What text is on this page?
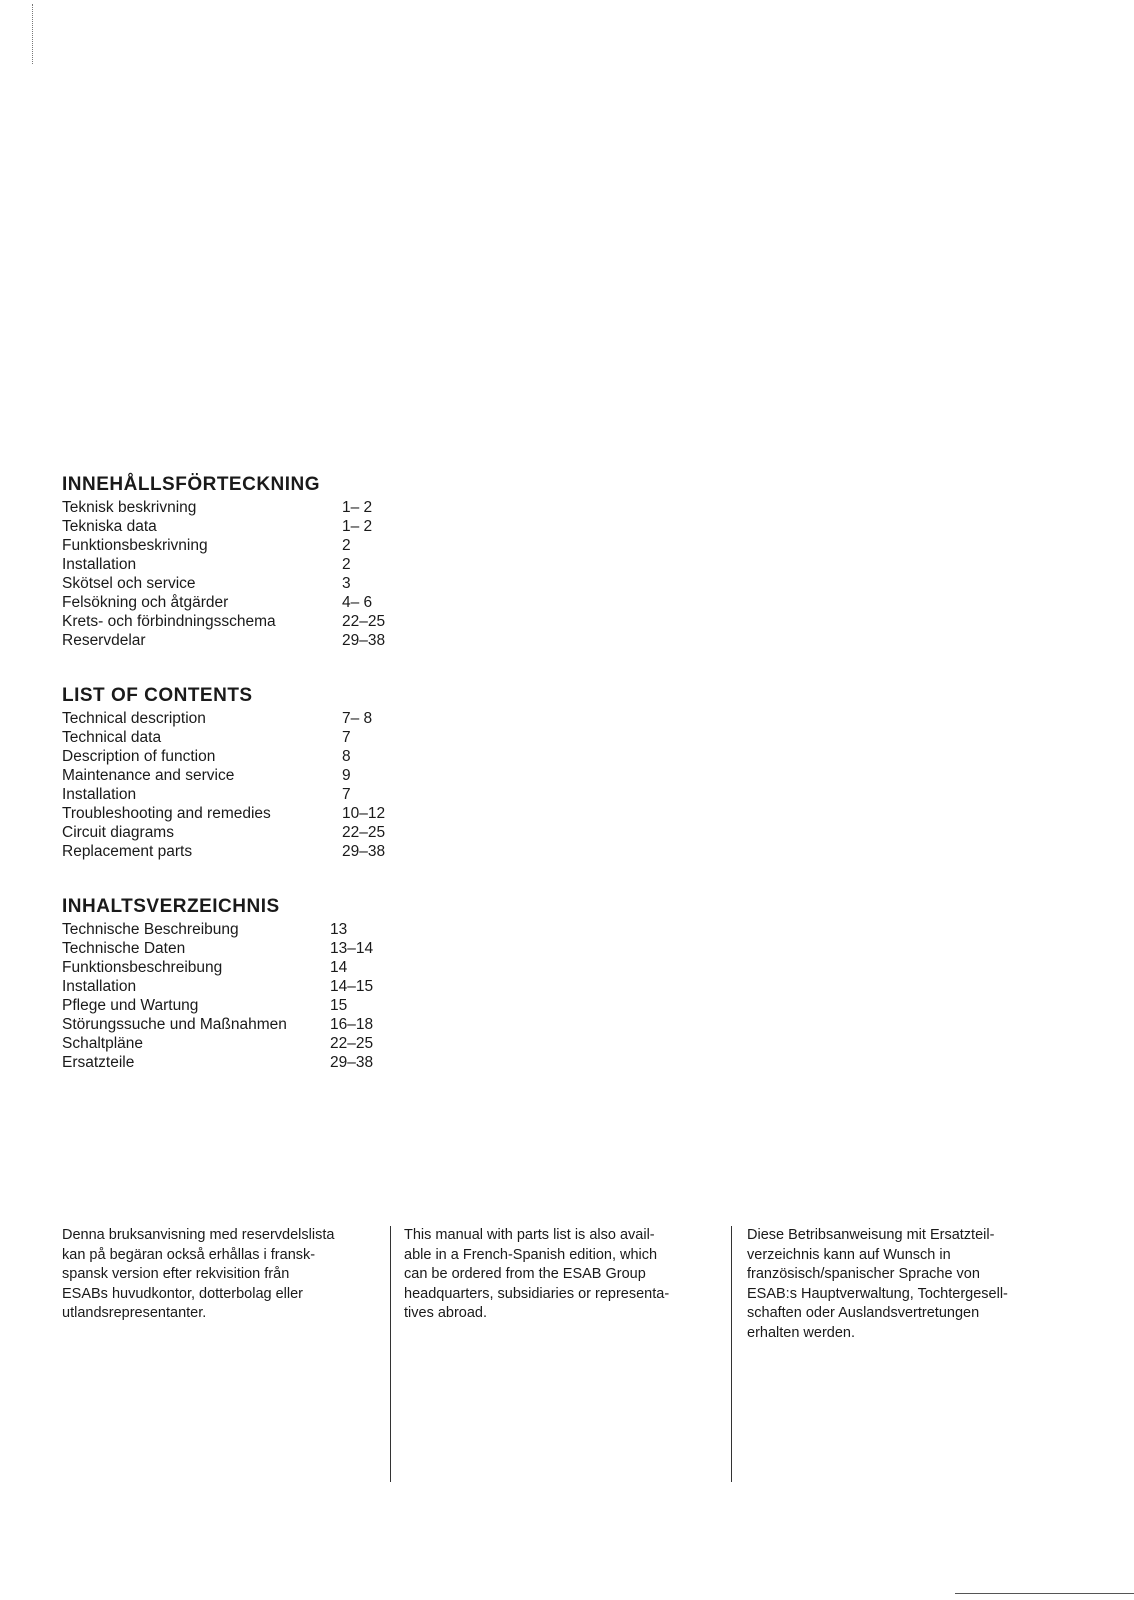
INNEHÅLLSFÖRTECKNING
Teknisk beskrivning	1– 2
Tekniska data	1– 2
Funktionsbeskrivning	2
Installation	2
Skötsel och service	3
Felsökning och åtgärder	4– 6
Krets- och förbindningsschema	22–25
Reservdelar	29–38
LIST OF CONTENTS
Technical description	7– 8
Technical data	7
Description of function	8
Maintenance and service	9
Installation	7
Troubleshooting and remedies	10–12
Circuit diagrams	22–25
Replacement parts	29–38
INHALTSVERZEICHNIS
Technische Beschreibung	13
Technische Daten	13–14
Funktionsbeschreibung	14
Installation	14–15
Pflege und Wartung	15
Störungssuche und Maßnahmen	16–18
Schaltpläne	22–25
Ersatzteile	29–38
Denna bruksanvisning med reservdelslista
kan på begäran också erhållas i fransk-
spansk version efter rekvisition från
ESABs huvudkontor, dotterbolag eller
utlandsrepresentanter.
This manual with parts list is also avail-
able in a French-Spanish edition, which
can be ordered from the ESAB Group
headquarters, subsidiaries or representa-
tives abroad.
Diese Betribsanweisung mit Ersatzteil-
verzeichnis kann auf Wunsch in
französisch/spanischer Sprache von
ESAB:s Hauptverwaltung, Tochtergesell-
schaften oder Auslandsvertretungen
erhalten werden.
